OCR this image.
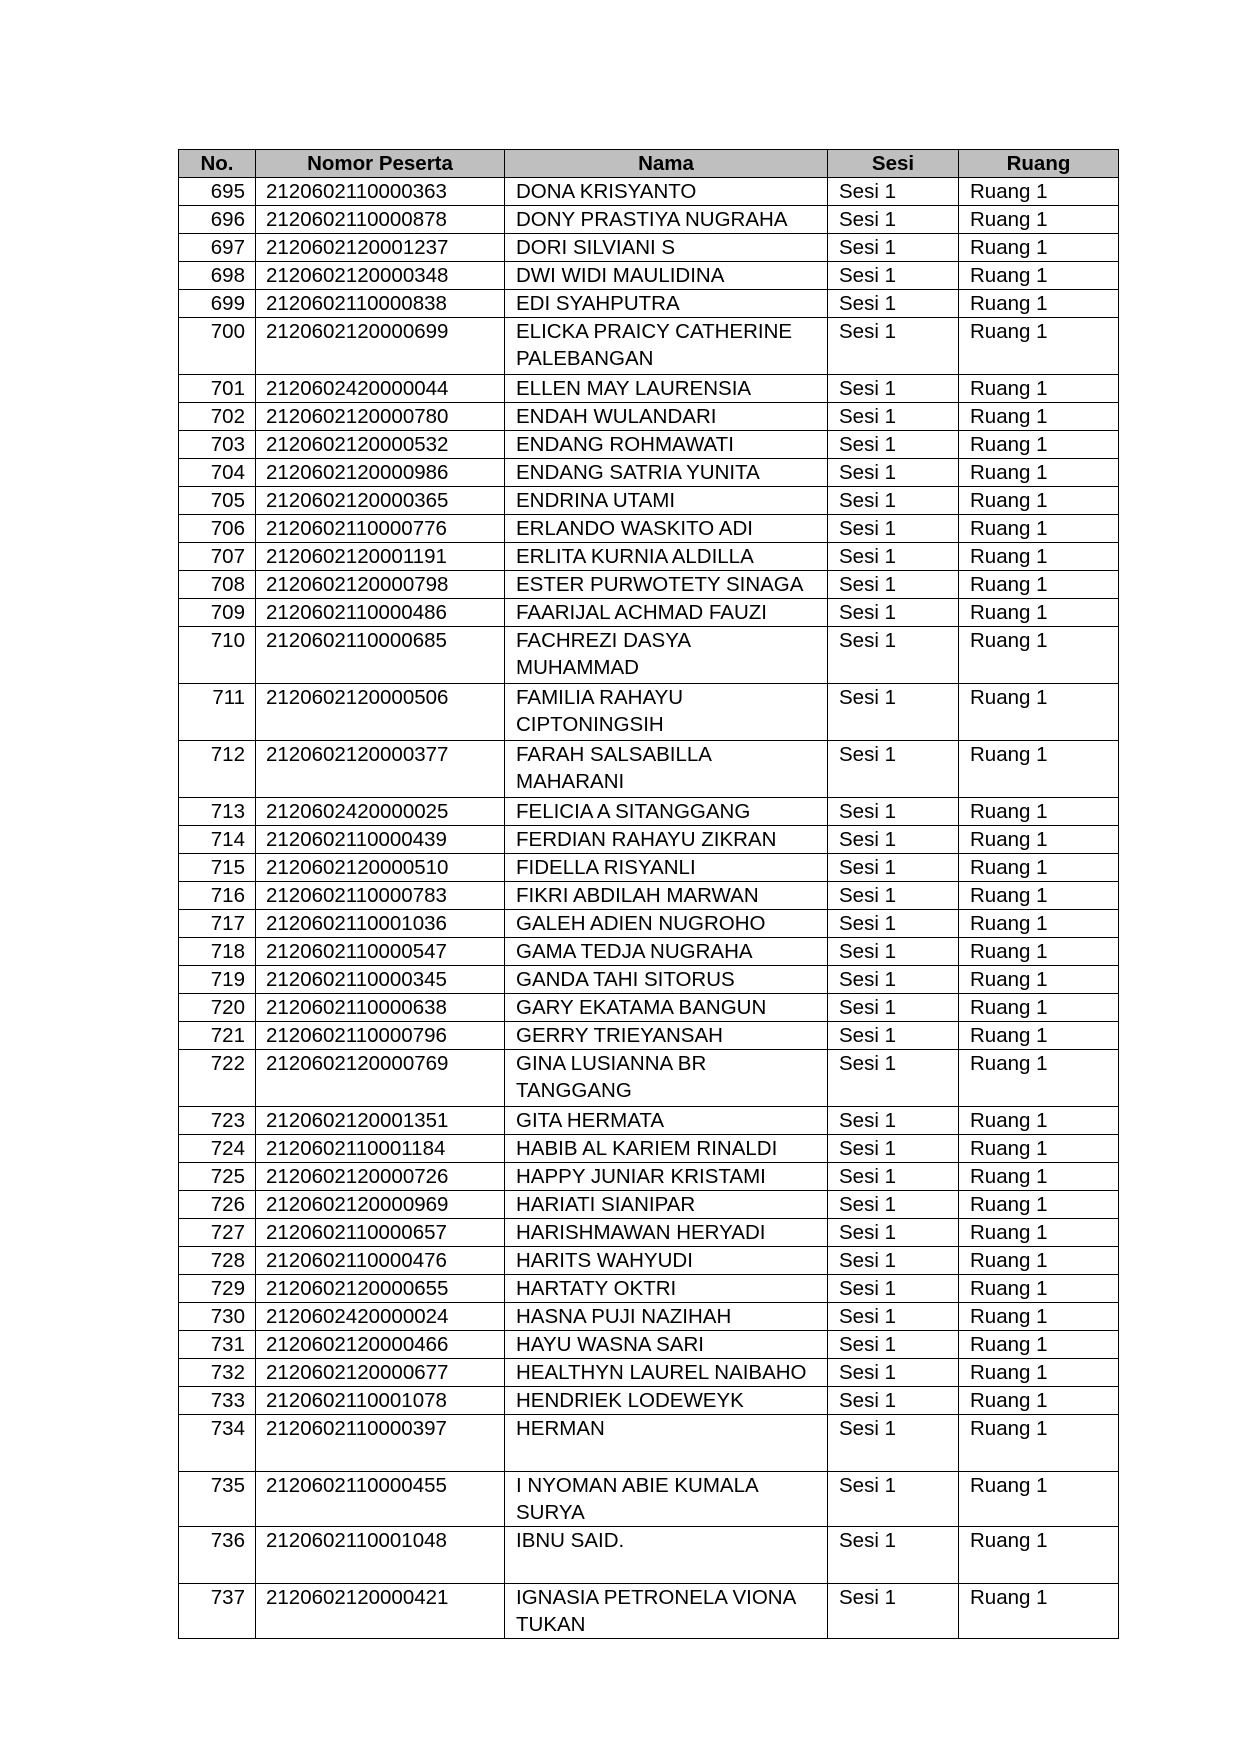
No.	Nomor Peserta	Nama	Sesi	Ruang
695	2120602110000363	DONA KRISYANTO	Sesi 1	Ruang 1
696	2120602110000878	DONY PRASTIYA NUGRAHA	Sesi 1	Ruang 1
697	2120602120001237	DORI SILVIANI S	Sesi 1	Ruang 1
698	2120602120000348	DWI WIDI MAULIDINA	Sesi 1	Ruang 1
699	2120602110000838	EDI SYAHPUTRA	Sesi 1	Ruang 1
700	2120602120000699	ELICKA PRAICY CATHERINE PALEBANGAN	Sesi 1	Ruang 1
701	2120602420000044	ELLEN MAY LAURENSIA	Sesi 1	Ruang 1
702	2120602120000780	ENDAH WULANDARI	Sesi 1	Ruang 1
703	2120602120000532	ENDANG ROHMAWATI	Sesi 1	Ruang 1
704	2120602120000986	ENDANG SATRIA YUNITA	Sesi 1	Ruang 1
705	2120602120000365	ENDRINA UTAMI	Sesi 1	Ruang 1
706	2120602110000776	ERLANDO WASKITO ADI	Sesi 1	Ruang 1
707	2120602120001191	ERLITA KURNIA ALDILLA	Sesi 1	Ruang 1
708	2120602120000798	ESTER PURWOTETY SINAGA	Sesi 1	Ruang 1
709	2120602110000486	FAARIJAL ACHMAD FAUZI	Sesi 1	Ruang 1
710	2120602110000685	FACHREZI DASYA MUHAMMAD	Sesi 1	Ruang 1
711	2120602120000506	FAMILIA RAHAYU CIPTONINGSIH	Sesi 1	Ruang 1
712	2120602120000377	FARAH SALSABILLA MAHARANI	Sesi 1	Ruang 1
713	2120602420000025	FELICIA A SITANGGANG	Sesi 1	Ruang 1
714	2120602110000439	FERDIAN RAHAYU ZIKRAN	Sesi 1	Ruang 1
715	2120602120000510	FIDELLA RISYANLI	Sesi 1	Ruang 1
716	2120602110000783	FIKRI ABDILAH MARWAN	Sesi 1	Ruang 1
717	2120602110001036	GALEH ADIEN NUGROHO	Sesi 1	Ruang 1
718	2120602110000547	GAMA TEDJA NUGRAHA	Sesi 1	Ruang 1
719	2120602110000345	GANDA TAHI SITORUS	Sesi 1	Ruang 1
720	2120602110000638	GARY EKATAMA BANGUN	Sesi 1	Ruang 1
721	2120602110000796	GERRY TRIEYANSAH	Sesi 1	Ruang 1
722	2120602120000769	GINA LUSIANNA BR TANGGANG	Sesi 1	Ruang 1
723	2120602120001351	GITA HERMATA	Sesi 1	Ruang 1
724	2120602110001184	HABIB AL KARIEM RINALDI	Sesi 1	Ruang 1
725	2120602120000726	HAPPY JUNIAR KRISTAMI	Sesi 1	Ruang 1
726	2120602120000969	HARIATI SIANIPAR	Sesi 1	Ruang 1
727	2120602110000657	HARISHMAWAN HERYADI	Sesi 1	Ruang 1
728	2120602110000476	HARITS WAHYUDI	Sesi 1	Ruang 1
729	2120602120000655	HARTATY OKTRI	Sesi 1	Ruang 1
730	2120602420000024	HASNA PUJI NAZIHAH	Sesi 1	Ruang 1
731	2120602120000466	HAYU WASNA SARI	Sesi 1	Ruang 1
732	2120602120000677	HEALTHYN LAUREL NAIBAHO	Sesi 1	Ruang 1
733	2120602110001078	HENDRIEK LODEWEYK	Sesi 1	Ruang 1
734	2120602110000397	HERMAN	Sesi 1	Ruang 1
735	2120602110000455	I NYOMAN ABIE KUMALA SURYA	Sesi 1	Ruang 1
736	2120602110001048	IBNU SAID.	Sesi 1	Ruang 1
737	2120602120000421	IGNASIA PETRONELA VIONA TUKAN	Sesi 1	Ruang 1
